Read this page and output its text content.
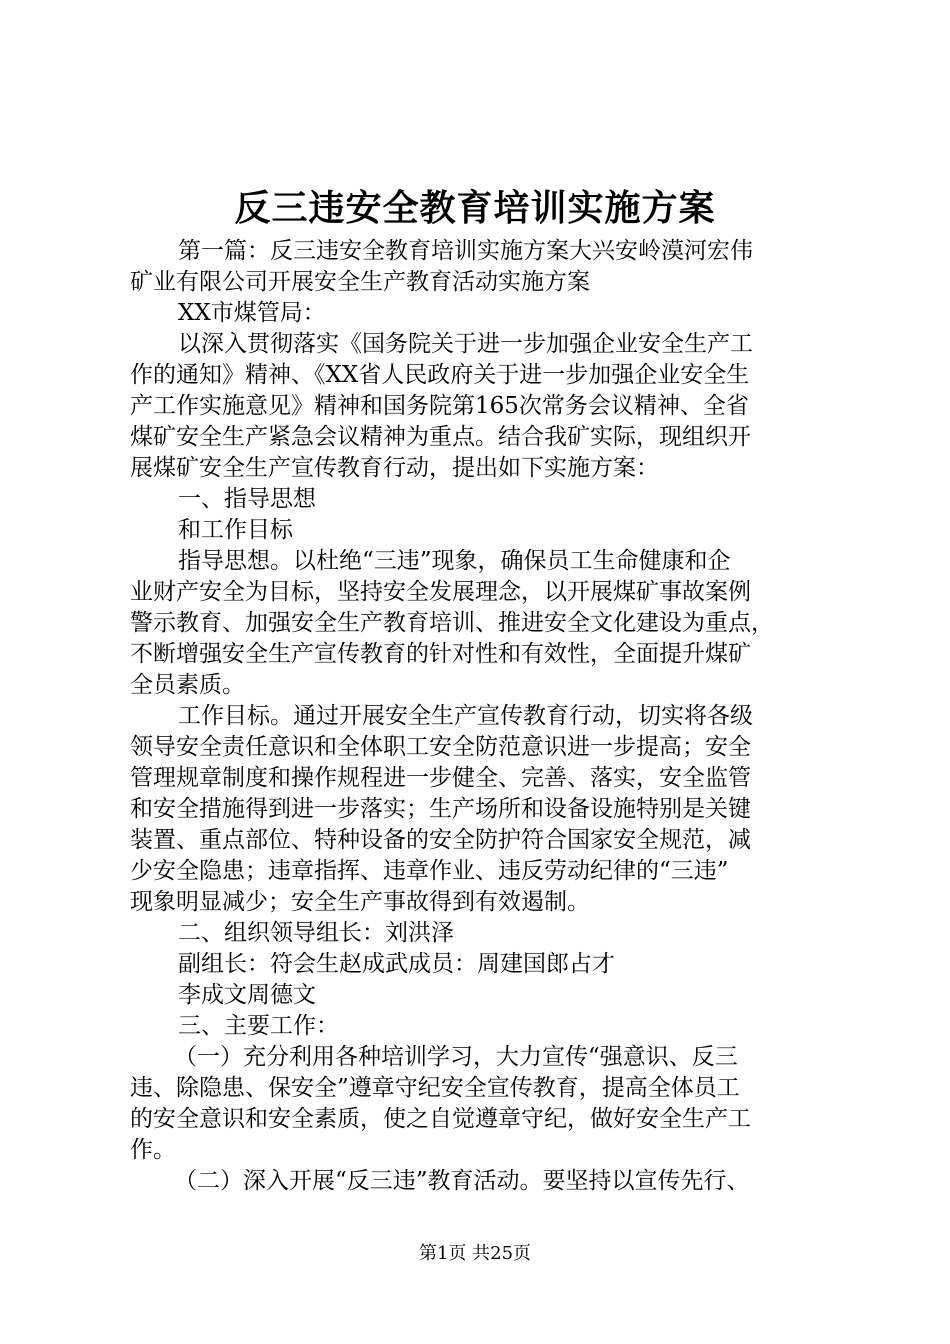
反三违安全教育培训实施方案
第一篇：反三违安全教育培训实施方案大兴安岭漠河宏伟
矿业有限公司开展安全生产教育活动实施方案
XX市煤管局：
以深入贯彻落实《国务院关于进一步加强企业安全生产工
作的通知》精神、《XX省人民政府关于进一步加强企业安全生
产工作实施意见》精神和国务院第165次常务会议精神、全省
煤矿安全生产紧急会议精神为重点。结合我矿实际，现组织开
展煤矿安全生产宣传教育行动，提出如下实施方案：
一、指导思想
和工作目标
指导思想。以杜绝“三违”现象，确保员工生命健康和企
业财产安全为目标，坚持安全发展理念，以开展煤矿事故案例
警示教育、加强安全生产教育培训、推进安全文化建设为重点，
不断增强安全生产宣传教育的针对性和有效性，全面提升煤矿
全员素质。
工作目标。通过开展安全生产宣传教育行动，切实将各级
领导安全责任意识和全体职工安全防范意识进一步提高；安全
管理规章制度和操作规程进一步健全、完善、落实，安全监管
和安全措施得到进一步落实；生产场所和设备设施特别是关键
装置、重点部位、特种设备的安全防护符合国家安全规范，减
少安全隐患；违章指挥、违章作业、违反劳动纪律的“三违”
现象明显减少；安全生产事故得到有效遏制。
二、组织领导组长：刘洪泽
副组长：符会生赵成武成员：周建国郎占才
李成文周德文
三、主要工作：
（一）充分利用各种培训学习，大力宣传“强意识、反三
违、除隐患、保安全”遵章守纪安全宣传教育，提高全体员工
的安全意识和安全素质，使之自觉遵章守纪，做好安全生产工
作。
（二）深入开展“反三违”教育活动。要坚持以宣传先行、
第1页 共25页
